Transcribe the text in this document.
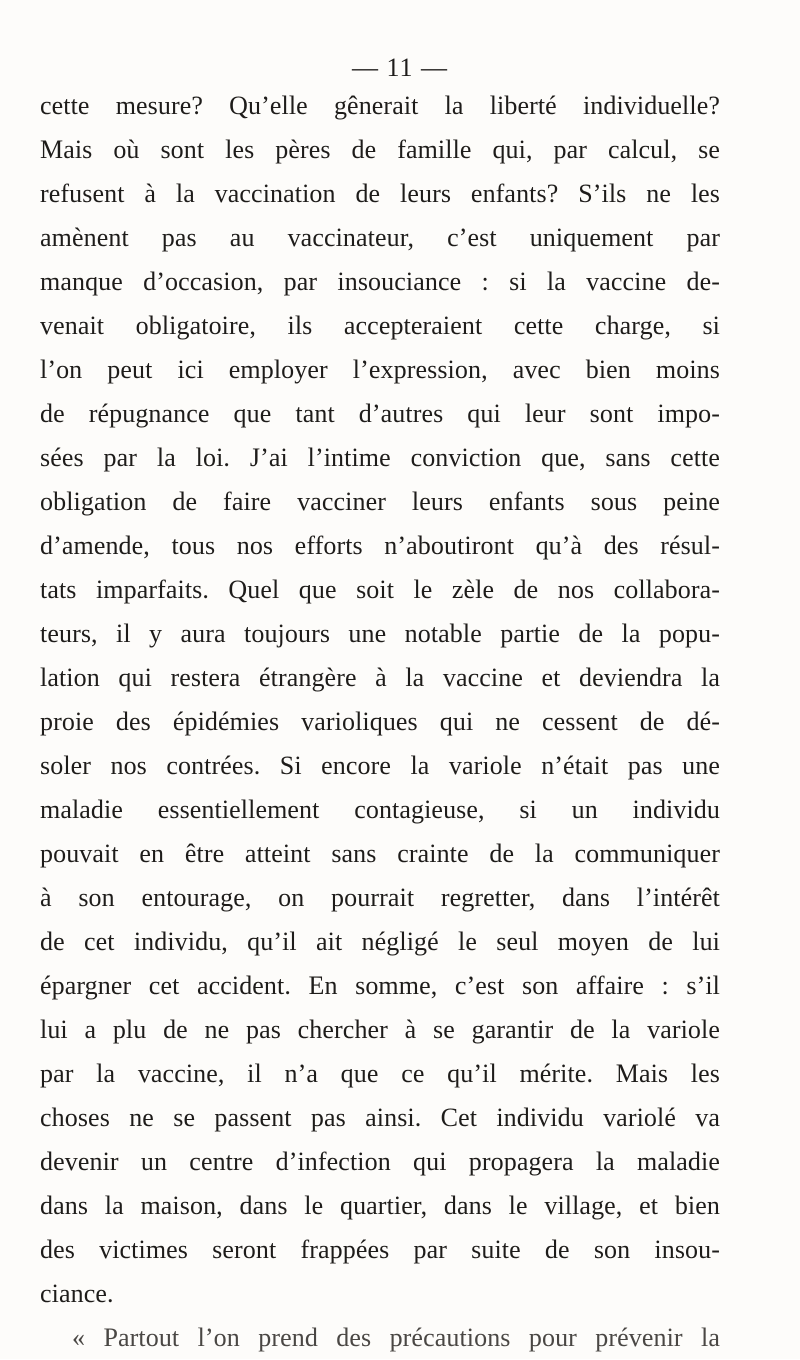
— 11 —
cette mesure? Qu’elle gênerait la liberté individuelle?
Mais où sont les pères de famille qui, par calcul, se
refusent à la vaccination de leurs enfants? S’ils ne les
amènent pas au vaccinateur, c’est uniquement par
manque d’occasion, par insouciance : si la vaccine de-
venait obligatoire, ils accepteraient cette charge, si
l’on peut ici employer l’expression, avec bien moins
de répugnance que tant d’autres qui leur sont impo-
sées par la loi. J’ai l’intime conviction que, sans cette
obligation de faire vacciner leurs enfants sous peine
d’amende, tous nos efforts n’aboutiront qu’à des résul-
tats imparfaits. Quel que soit le zèle de nos collabora-
teurs, il y aura toujours une notable partie de la popu-
lation qui restera étrangère à la vaccine et deviendra la
proie des épidémies varioliques qui ne cessent de dé-
soler nos contrées. Si encore la variole n’était pas une
maladie essentiellement contagieuse, si un individu
pouvait en être atteint sans crainte de la communiquer
à son entourage, on pourrait regretter, dans l’intérêt
de cet individu, qu’il ait négligé le seul moyen de lui
épargner cet accident. En somme, c’est son affaire : s’il
lui a plu de ne pas chercher à se garantir de la variole
par la vaccine, il n’a que ce qu’il mérite. Mais les
choses ne se passent pas ainsi. Cet individu variolé va
devenir un centre d’infection qui propagera la maladie
dans la maison, dans le quartier, dans le village, et bien
des victimes seront frappées par suite de son insou-
ciance.
« Partout l’on prend des précautions pour prévenir la
